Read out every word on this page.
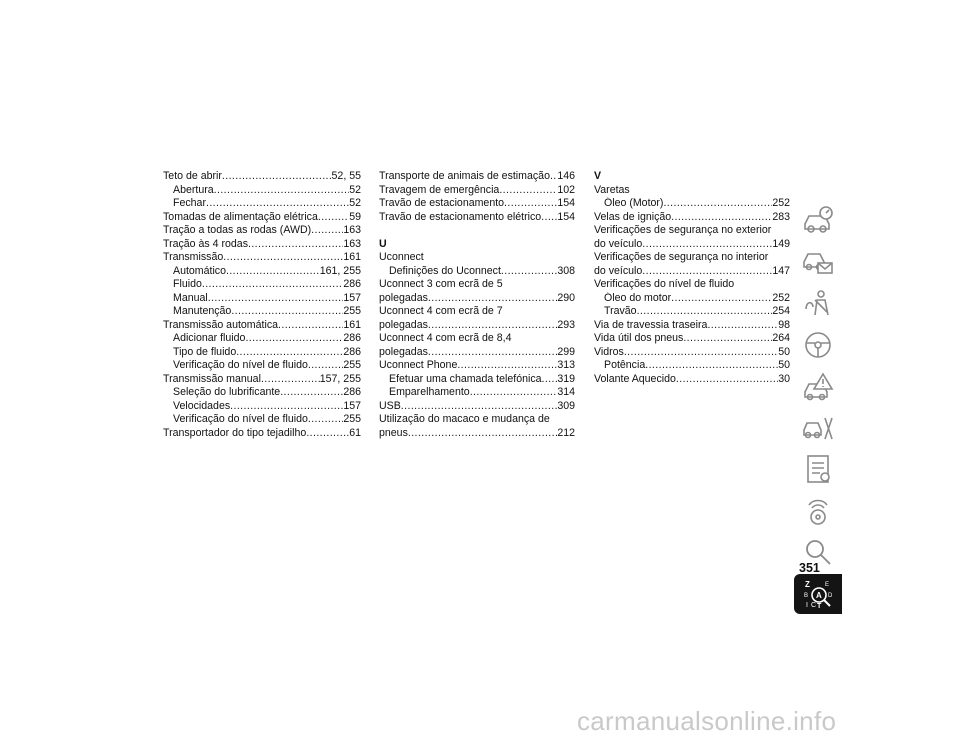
Teto de abrir .....	52, 55
Abertura .....	52
Fechar .....	52
Tomadas de alimentação elétrica .....	59
Tração a todas as rodas (AWD) .....	163
Tração às 4 rodas .....	163
Transmissão .....	161
Automático .....	161, 255
Fluido .....	286
Manual .....	157
Manutenção .....	255
Transmissão automática .....	161
Adicionar fluido .....	286
Tipo de fluido .....	286
Verificação do nível de fluido .....	255
Transmissão manual .....	157, 255
Seleção do lubrificante .....	286
Velocidades .....	157
Verificação do nível de fluido .....	255
Transportador do tipo tejadilho .....	61
Transporte de animais de estimação ..... 146
Travagem de emergência .....	102
Travão de estacionamento .....	154
Travão de estacionamento elétrico ..... 154
U
Uconnect
Definições do Uconnect .....	308
Uconnect 3 com ecrã de 5
polegadas .....	290
Uconnect 4 com ecrã de 7
polegadas .....	293
Uconnect 4 com ecrã de 8,4
polegadas .....	299
Uconnect Phone .....	313
Efetuar uma chamada telefónica ..... 319
Emparelhamento .....	314
USB .....	309
Utilização do macaco e mudança de
pneus .....	212
V
Varetas
Óleo (Motor) .....	252
Velas de ignição .....	283
Verificações de segurança no exterior
do veículo .....	149
Verificações de segurança no interior
do veículo .....	147
Verificações do nível de fluido
Óleo do motor .....	252
Travão .....	254
Via de travessia traseira .....	98
Vida útil dos pneus .....	264
Vidros .....	50
Potência .....	50
Volante Aquecido .....	30
Z	E
A
B	D
I C T
351
carmanualsonline.info
